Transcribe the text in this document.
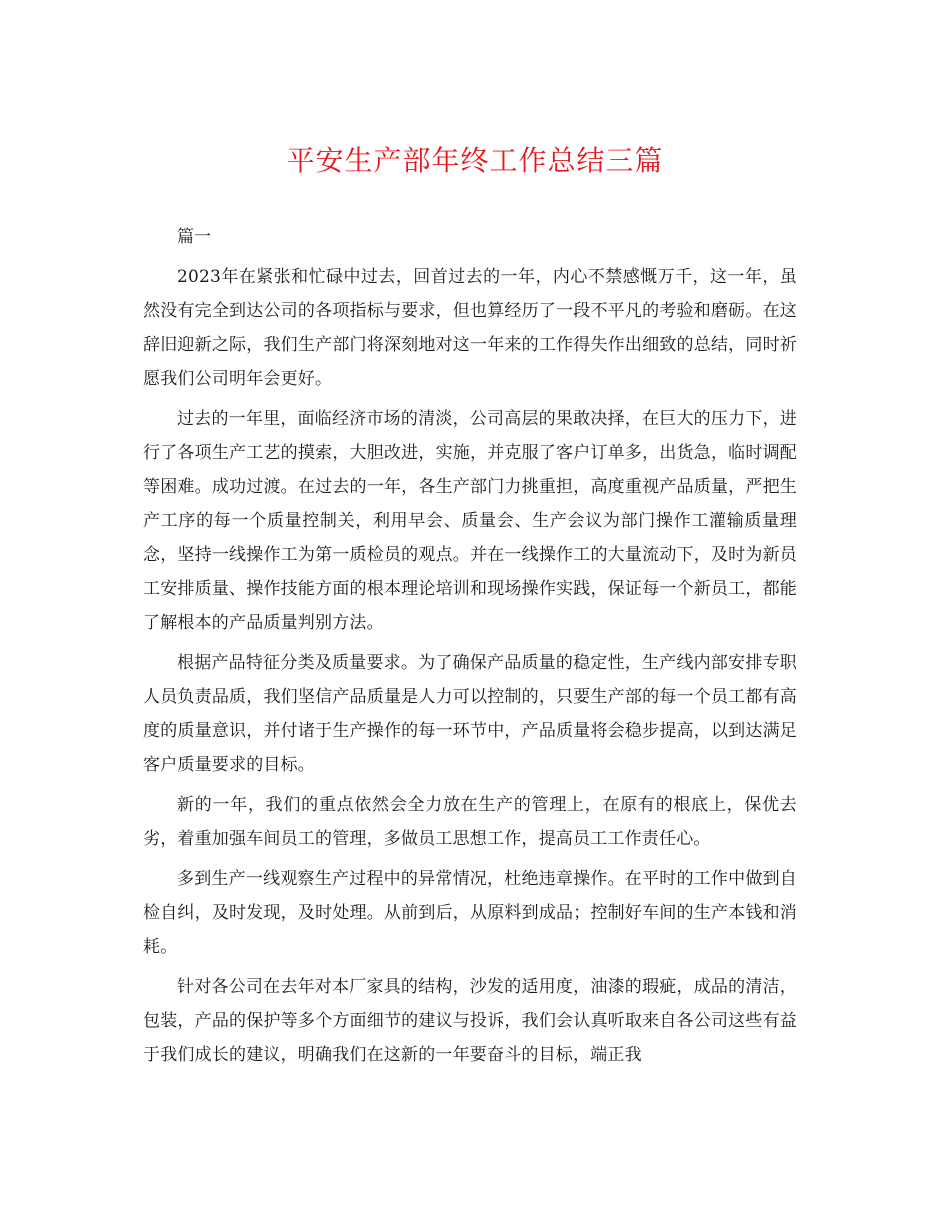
平安生产部年终工作总结三篇

篇一

2023年在紧张和忙碌中过去，回首过去的一年，内心不禁感慨万千，这一年，虽然没有完全到达公司的各项指标与要求，但也算经历了一段不平凡的考验和磨砺。在这辞旧迎新之际，我们生产部门将深刻地对这一年来的工作得失作出细致的总结，同时祈愿我们公司明年会更好。

过去的一年里，面临经济市场的清淡，公司高层的果敢决择，在巨大的压力下，进行了各项生产工艺的摸索，大胆改进，实施，并克服了客户订单多，出货急，临时调配等困难。成功过渡。在过去的一年，各生产部门力挑重担，高度重视产品质量，严把生产工序的每一个质量控制关，利用早会、质量会、生产会议为部门操作工灌输质量理念，坚持一线操作工为第一质检员的观点。并在一线操作工的大量流动下，及时为新员工安排质量、操作技能方面的根本理论培训和现场操作实践，保证每一个新员工，都能了解根本的产品质量判别方法。

根据产品特征分类及质量要求。为了确保产品质量的稳定性，生产线内部安排专职人员负责品质，我们坚信产品质量是人力可以控制的，只要生产部的每一个员工都有高度的质量意识，并付诸于生产操作的每一环节中，产品质量将会稳步提高，以到达满足客户质量要求的目标。

新的一年，我们的重点依然会全力放在生产的管理上，在原有的根底上，保优去劣，着重加强车间员工的管理，多做员工思想工作，提高员工工作责任心。

多到生产一线观察生产过程中的异常情况，杜绝违章操作。在平时的工作中做到自检自纠，及时发现，及时处理。从前到后，从原料到成品；控制好车间的生产本钱和消耗。

针对各公司在去年对本厂家具的结构，沙发的适用度，油漆的瑕疵，成品的清洁，包装，产品的保护等多个方面细节的建议与投诉，我们会认真听取来自各公司这些有益于我们成长的建议，明确我们在这新的一年要奋斗的目标，端正我
